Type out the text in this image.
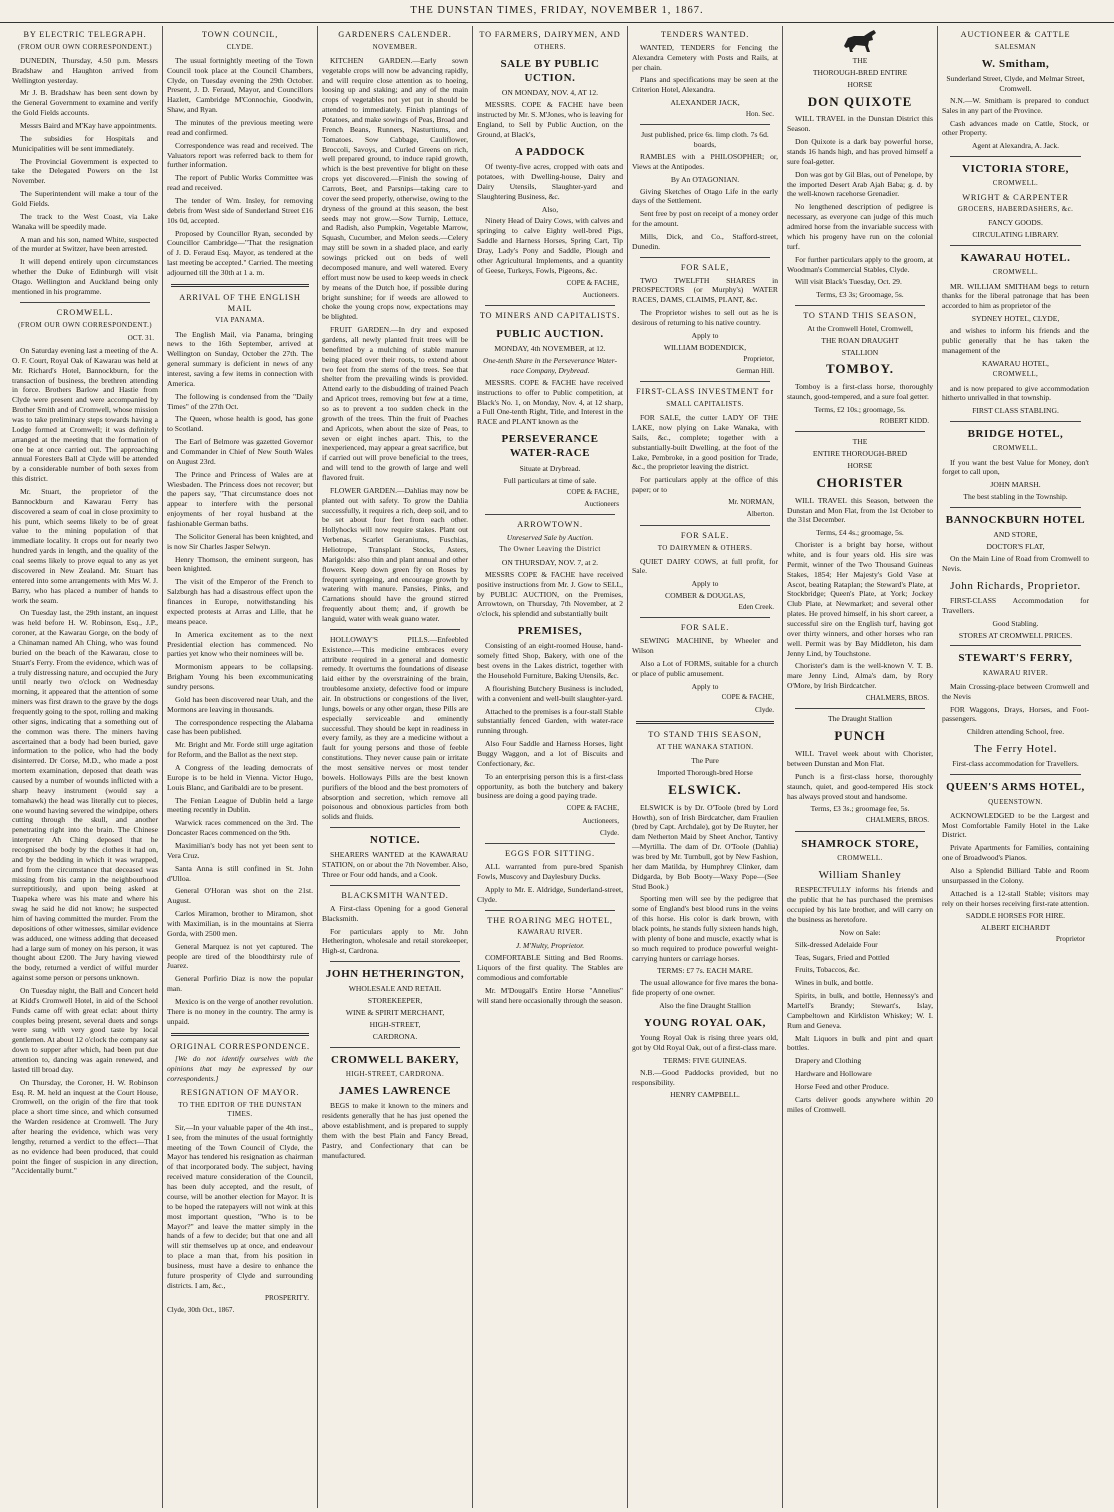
THE DUNSTAN TIMES, FRIDAY, NOVEMBER 1, 1867.
BY ELECTRIC TELEGRAPH.
(FROM OUR OWN CORRESPONDENT.)

DUNEDIN, Thursday, 4.50 p.m. Messrs Bradshaw and Haughton arrived from Wellington yesterday.

Mr J. B. Bradshaw has been sent down by the General Government to examine and verify the Gold Fields accounts.

Messrs Baird and M'Kay have appointments.

The subsidies for Hospitals and Municipalities will be sent immediately.

The Provincial Government is expected to take the Delegated Powers on the 1st November.

The Superintendent will make a tour of the Gold Fields.

The track to the West Coast, via Lake Wanaka will be speedily made.

A man and his son, named White, suspected of the murder at Switzer, have been arrested.

It will depend entirely upon circumstances whether the Duke of Edinburgh will visit Otago. Wellington and Auckland being only mentioned in his programme.

CROMWELL.
(FROM OUR OWN CORRESPONDENT.)
OCT. 31.

On Saturday evening last a meeting of the A. O. F. Court, Royal Oak of Kawarau was held at Mr. Richard's Hotel, Bannockburn, for the transaction of business, the brethren attending in force. Brothers Barlow and Hastie from Clyde were present and were accompanied by Brother Smith and of Cromwell, whose mission was to take preliminary steps towards having a Lodge formed at Cromwell; it was definitely arranged at the meeting that the formation of one be at once carried out. The approaching annual Foresters Ball at Clyde will be attended by a considerable number of both sexes from this district.

Mr. Stuart, the proprietor of the Bannockburn and Kawarau Ferry has discovered a seam of coal in close proximity to his punt, which seems likely to be of great value to the mining population of that immediate locality. It crops out for nearly two hundred yards in length, and the quality of the coal seems likely to prove equal to any as yet discovered in New Zealand. Mr. Stuart has entered into some arrangements with Mrs W. J. Barry, who has placed a number of hands to work the seam.

On Tuesday last, the 29th instant, an inquest was held before H. W. Robinson, Esq., J.P., coroner, at the Kawarau Gorge, on the body of a Chinaman named Ah Ching, who was found buried on the beach of the Kawarau, close to Stuart's Ferry. From the evidence, which was of a truly distressing nature, and occupied the Jury until nearly two o'clock on Wednesday morning, it appeared that the attention of some miners was first drawn to the grave by the dogs frequently going to the spot, rolling and making other signs, indicating that a something out of the common was there. The miners having ascertained that a body had been buried, gave information to the police, who had the body disinterred. Dr Corse, M.D., who made a post mortem examination, deposed that death was caused by a number of wounds inflicted with a sharp heavy instrument (would say a tomahawk) the head was literally cut to pieces, one wound having severed the windpipe, others cutting through the skull, and another penetrating right into the brain. The Chinese interpreter Ah Ching deposed that he recognised the body by the clothes it had on, and by the bedding in which it was wrapped, and from the circumstance that deceased was missing from his camp in the neighbourhood surreptitiously, and upon being asked at Tuapeka where was his mate and where his swag he said he did not know; he suspected him of having committed the murder. From the depositions of other witnesses, similar evidence was adduced, one witness adding that deceased had a large sum of money on his person, it was thought about £200. The Jury having viewed the body, returned a verdict of wilful murder against some person or persons unknown.

On Tuesday night, the Ball and Concert held at Kidd's Cromwell Hotel, in aid of the School Funds came off with great eclat: about thirty couples being present, several duets and songs were sung with very good taste by local gentlemen. At about 12 o'clock the company sat down to supper after which, had been put due attention to, dancing was again renewed, and lasted till broad day.

On Thursday, the Coroner, H. W. Robinson Esq. R. M. held an inquest at the Court House, Cromwell, on the origin of the fire that took place a short time since, and which consumed the Warden residence at Cromwell. The Jury after hearing the evidence, which was very lengthy, returned a verdict to the effect—That as no evidence had been produced, that could point the finger of suspicion in any direction, "Accidentally burnt."

TOWN COUNCIL,
CLYDE.

The usual fortnightly meeting of the Town Council took place at the Council Chambers, Clyde, on Tuesday evening the 29th October. Present, J. D. Feraud, Mayor, and Councillors Hazlett, Cambridge M'Connochie, Goodwin, Shaw, and Ryan.

The minutes of the previous meeting were read and confirmed.

Correspondence was read and received. The Valuators report was referred back to them for further information.

The report of Public Works Committee was read and received.

The tender of Wm. Insley, for removing debris from West side of Sunderland Street £16 10s 0d, accepted.

Proposed by Councillor Ryan, seconded by Councillor Cambridge—"That the resignation of J. D. Feraud Esq. Mayor, as tendered at the last meeting be accepted." Carried. The meeting adjourned till the 30th at 1 a. m.

ARRIVAL OF THE ENGLISH MAIL
VIA PANAMA.

The English Mail, via Panama, bringing news to the 16th September, arrived at Wellington on Sunday, October the 27th. The general summary is deficient in news of any interest, saving a few items in connection with America.

The following is condensed from the "Daily Times" of the 27th Oct.

The Queen, whose health is good, has gone to Scotland.

The Earl of Belmore was gazetted Governor and Commander in Chief of New South Wales on August 23rd.

The Prince and Princess of Wales are at Wiesbaden. The Princess does not recover; but the papers say, "That circumstance does not appear to interfere with the personal enjoyments of her royal husband at the fashionable German baths.

The Solicitor General has been knighted, and is now Sir Charles Jasper Selwyn.

Henry Thomson, the eminent surgeon, has been knighted.

The visit of the Emperor of the French to Salzburgh has had a disastrous effect upon the finances in Europe, notwithstanding his expected protests at Arras and Lille, that he means peace.

In America excitement as to the next Presidential election has commenced. No parties yet know who their nominees will be.

Mormonism appears to be collapsing. Brigham Young his been excommunicating sundry persons.

Gold has been discovered near Utah, and the Mormons are leaving in thousands.

The correspondence respecting the Alabama case has been published.

Mr. Bright and Mr. Forde still urge agitation for Reform, and the Ballot as the next step.

A Congress of the leading democrats of Europe is to be held in Vienna. Victor Hugo, Louis Blanc, and Garibaldi are to be present.

The Fenian League of Dublin held a large meeting recently in Dublin.

Warwick races commenced on the 3rd. The Doncaster Races commenced on the 9th.

Maximilian's body has not yet been sent to Vera Cruz.

Santa Anna is still confined in St. John d'Ulloa.

General O'Horan was shot on the 21st. August.

Carlos Miramon, brother to Miramon, shot with Maximilian, is in the mountains at Sierra Gorda, with 2500 men.

General Marquez is not yet captured. The people are tired of the bloodthirsty rule of Juarez.

General Porfirio Diaz is now the popular man.

Mexico is on the verge of another revolution. There is no money in the country. The army is unpaid.

ORIGINAL CORRESPONDENCE.

[We do not identify ourselves with the opinions that may be expressed by our correspondents.]

RESIGNATION OF MAYOR.
TO THE EDITOR OF THE DUNSTAN TIMES.

Sir,—In your valuable paper of the 4th inst., I see, from the minutes of the usual fortnightly meeting of the Town Council of Clyde, the Mayor has tendered his resignation as chairman of that incorporated body. The subject, having received mature consideration of the Council, has been duly accepted, and the result, of course, will be another election for Mayor. It is to be hoped the ratepayers will not wink at this most important question, "Who is to be Mayor?" and leave the matter simply in the hands of a few to decide; but that one and all will stir themselves up at once, and endeavour to place a man that, from his position in business, must have a desire to enhance the future prosperity of Clyde and surrounding districts. I am, &c.,

PROSPERITY.
Clyde, 30th Oct., 1867.
GARDENERS CALENDER.
NOVEMBER.

KITCHEN GARDEN.—Early sown vegetable crops will now be advancing rapidly, and will require close attention as to hoeing, loosing up and staking; and any of the main crops of vegetables not yet put in should be attended to immediately. Finish plantings of Potatoes, and make sowings of Peas, Broad and French Beans, Runners, Nasturtiums, and Tomatoes. Sow Cabbage, Cauliflower, Broccoli, Savoys, and Curled Greens on rich, well prepared ground, to induce rapid growth, which is the best preventive for blight on these crops yet discovered.—Finish the sowing of Carrots, Beet, and Parsnips—taking care to cover the seed properly, otherwise, owing to the dryness of the ground at this season, the best seeds may not grow.—Sow Turnip, Lettuce, and Radish, also Pumpkin, Vegetable Marrow, Squash, Cucumber, and Melon seeds.—Celery may still be sown in a shaded place, and early sowings pricked out on beds of well decomposed manure, and well watered. Every effort must now be used to keep weeds in check by means of the Dutch hoe, if possible during bright sunshine; for if weeds are allowed to choke the young crops now, expectations may be blighted.

FRUIT GARDEN.—In dry and exposed gardens, all newly planted fruit trees will be benefitted by a mulching of stable manure being placed over their roots, to extend about two feet from the stems of the trees. See that shelter from the prevailing winds is provided. Attend early to the disbudding of trained Peach and Apricot trees, removing but few at a time, so as to prevent a too sudden check in the growth of the trees. Thin the fruit of Peaches and Apricots, when about the size of Peas, to seven or eight inches apart. This, to the inexperienced, may appear a great sacrifice, but if carried out will prove beneficial to the trees, and will tend to the growth of large and well flavored fruit.

FLOWER GARDEN.—Dahlias may now be planted out with safety. To grow the Dahlia successfully, it requires a rich, deep soil, and to be set about four feet from each other. Hollyhocks will now require stakes. Plant out Verbenas, Scarlet Geraniums, Fuschias, Heliotrope, Transplant Stocks, Asters, Marigolds: also thin and plant annual and other flowers. Keep down green fly on Roses by frequent syringeing, and encourage growth by watering with manure. Pansies, Pinks, and Carnations should have the ground stirred frequently about them; and, if growth be languid, water with weak guano water.

HOLLOWAY'S PILLS.—Enfeebled Existence.—This medicine embraces every attribute required in a general and domestic remedy. It overturns the foundations of disease laid either by the overstraining of the brain, troublesome anxiety, defective food or impure air. In obstructions or congestions of the liver, lungs, bowels or any other organ, these Pills are especially serviceable and eminently successful. They should be kept in readiness in every family, as they are a medicine without a fault for young persons and those of feeble constitutions. They never cause pain or irritate the most sensitive nerves or most tender bowels. Holloways Pills are the best known purifiers of the blood and the best promoters of absorption and secretion, which remove all poisonous and obnoxious particles from both solids and fluids.

NOTICE.

SHEARERS WANTED at the KAWARAU STATION, on or about the 7th November. Also, Three or Four odd hands, and a Cook.

BLACKSMITH WANTED.

A First-class Opening for a good General Blacksmith.

For particulars apply to Mr. John Hetherington, wholesale and retail storekeeper, High-st, Cardrona.

JOHN HETHERINGTON,
WHOLESALE AND RETAIL
STOREKEEPER,
WINE & SPIRIT MERCHANT,
HIGH-STREET,
CARDRONA.
CROMWELL BAKERY,
HIGH-STREET, CARDRONA.
JAMES LAWRENCE

BEGS to make it known to the miners and residents generally that he has just opened the above establishment, and is prepared to supply them with the best Plain and Fancy Bread, Pastry, and Confectionary that can be manufactured.

TO FARMERS, DAIRYMEN, AND
OTHERS.
SALE BY PUBLIC UCTION.
ON MONDAY, NOV. 4, AT 12.

MESSRS. COPE & FACHE have been instructed by Mr. S. M'Jones, who is leaving for England, to Sell by Public Auction, on the Ground, at Black's,

A PADDOCK

Of twenty-five acres, cropped with oats and potatoes, with Dwelling-house, Dairy and Dairy Utensils, Slaughter-yard and Slaughtering Business, &c.

Also,

Ninety Head of Dairy Cows, with calves and springing to calve Eighty well-bred Pigs, Saddle and Harness Horses, Spring Cart, Tip Dray, Lady's Pony and Saddle, Plough and other Agricultural Implements, and a quantity of Geese, Turkeys, Fowls, Pigeons, &c.

COPE & FACHE,
Auctioneers.
TO MINERS AND CAPITALISTS.
PUBLIC AUCTION.
MONDAY, 4th NOVEMBER, at 12.
One-tenth Share in the Perseverance Water-race Company, Drybread.

MESSRS. COPE & FACHE have received instructions to offer to Public competition, at Black's No. 1, on Monday, Nov. 4, at 12 sharp, a Full One-tenth Right, Title, and Interest in the RACE and PLANT known as the

PERSEVERANCE WATER-RACE
Situate at Drybread.
Full particulars at time of sale.
COPE & FACHE,
Auctioneers
ARROWTOWN.
Unreserved Sale by Auction.
The Owner Leaving the District
ON THURSDAY, NOV. 7, at 2.

MESSRS COPE & FACHE have received positive instructions from Mr. J. Gow to SELL, by PUBLIC AUCTION, on the Premises, Arrowtown, on Thursday, 7th November, at 2 o'clock, his splendid and substantially built

PREMISES,

Consisting of an eight-roomed House, hand-somely fitted Shop, Bakery, with one of the best ovens in the Lakes district, together with the Household Furniture, Baking Utensils, &c.

A flourishing Butchery Business is included, with a convenient and well-built slaughter-yard.

Attached to the premises is a four-stall Stable substantially fenced Garden, with water-race running through.

Also Four Saddle and Harness Horses, light Buggy Waggon, and a lot of Biscuits and Confectionary, &c.

To an enterprising person this is a first-class opportunity, as both the butchery and bakery business are doing a good paying trade.

COPE & FACHE,
Auctioneers,
Clyde.
EGGS FOR SITTING.

ALL warranted from pure-bred Spanish Fowls, Muscovy and Daylesbury Ducks.

Apply to Mr. E. Aldridge, Sunderland-street, Clyde.

THE ROARING MEG HOTEL,
KAWARAU RIVER.
J. M'Nulty, Proprietor.

COMFORTABLE Sitting and Bed Rooms. Liquors of the first quality. The Stables are commodious and comfortable

Mr. M'Dougall's Entire Horse "Annelius" will stand here occasionally through the season.

TENDERS WANTED.

WANTED, TENDERS for Fencing the Alexandra Cemetery with Posts and Rails, at per chain.

Plans and specifications may be seen at the Criterion Hotel, Alexandra.

ALEXANDER JACK,
Hon. Sec.
Just published, price 6s. limp cloth. 7s 6d. boards,

RAMBLES with a PHILOSOPHER; or, Views at the Antipodes.

By An OTAGONIAN.

Giving Sketches of Otago Life in the early days of the Settlement.

Sent free by post on receipt of a money order for the amount.

Mills, Dick, and Co., Stafford-street, Dunedin.

FOR SALE,

TWO TWELFTH SHARES in PROSPECTORS (or Murphy's) WATER RACES, DAMS, CLAIMS, PLANT, &c.

The Proprietor wishes to sell out as he is desirous of returning to his native country.

Apply to
WILLIAM BODENDICK,
Proprietor,
German Hill.
FIRST-CLASS INVESTMENT for
SMALL CAPITALISTS.

FOR SALE, the cutter LADY OF THE LAKE, now plying on Lake Wanaka, with Sails, &c., complete; together with a substantially-built Dwelling, at the foot of the Lake, Pembroke, in a good position for Trade, &c., the proprietor leaving the district.

For particulars apply at the office of this paper; or to

Mr. NORMAN,
Alberton.
FOR SALE.
TO DAIRYMEN & OTHERS.

QUIET DAIRY COWS, at full profit, for Sale.

Apply to
COMBER & DOUGLAS,
Eden Creek.
FOR SALE.

SEWING MACHINE, by Wheeler and Wilson

Also a Lot of FORMS, suitable for a church or place of public amusement.

Apply to
COPE & FACHE,
Clyde.
TO STAND THIS SEASON,
AT THE WANAKA STATION.
The Pure
Imported Thorough-bred Horse
ELSWICK.

ELSWICK is by Dr. O'Toole (bred by Lord Howth), son of Irish Birdcatcher, dam Fraulien (bred by Capt. Archdale), got by De Ruyter, her dam Netherton Maid by Sheet Anchor, Tantivy—Myrtilla. The dam of Dr. O'Toole (Dahlia) was bred by Mr. Turnbull, got by New Fashion, her dam Matilda, by Humphrey Clinker, dam Didgarda, by Bob Booty—Waxy Pope—(See Stud Book.)

Sporting men will see by the pedigree that some of England's best blood runs in the veins of this horse. His color is dark brown, with black points, he stands fully sixteen hands high, with plenty of bone and muscle, exactly what is so much required to produce powerful weight-carrying hunters or carriage horses.

TERMS: £7 7s. EACH MARE.

The usual allowance for five mares the bona-fide property of one owner.

Also the fine Draught Stallion
YOUNG ROYAL OAK,

Young Royal Oak is rising three years old, got by Old Royal Oak, out of a first-class mare.

TERMS: FIVE GUINEAS.

N.B.—Good Paddocks provided, but no responsibility.

HENRY CAMPBELL.
THE
THOROUGH-BRED ENTIRE
HORSE
DON QUIXOTE

WILL TRAVEL in the Dunstan District this Season.

Don Quixote is a dark bay powerful horse, stands 16 hands high, and has proved himself a sure foal-getter.

Don was got by Gil Blas, out of Penelope, by the imported Desert Arab Ajah Baba; g. d. by the well-known racehorse Grenadier.

No lengthened description of pedigree is necessary, as everyone can judge of this much admired horse from the invariable success with which his progeny have run on the colonial turf.

For further particulars apply to the groom, at Woodman's Commercial Stables, Clyde.

Will visit Black's Tuesday, Oct. 29.

Terms, £3 3s; Groomage, 5s.
TO STAND THIS SEASON,
At the Cromwell Hotel, Cromwell,
THE ROAN DRAUGHT
STALLION
TOMBOY.

Tomboy is a first-class horse, thoroughly staunch, good-tempered, and a sure foal getter.

Terms, £2 10s.; groomage, 5s.
ROBERT KIDD.
THE
ENTIRE THOROUGH-BRED
HORSE
CHORISTER

WILL TRAVEL this Season, between the Dunstan and Mon Flat, from the 1st October to the 31st December.

Terms, £4 4s.; groomage, 5s.

Chorister is a bright bay horse, without white, and is four years old. His sire was Permit, winner of the Two Thousand Guineas Stakes, 1854; Her Majesty's Gold Vase at Ascot, beating Rataplan; the Steward's Plate, at Stockbridge; Queen's Plate, at York; Jockey Club Plate, at Newmarket; and several other plates. He proved himself, in his short career, a successful sire on the English turf, having got over thirty winners, and other horses who ran well. Permit was by Bay Middleton, his dam Jenny Lind, by Touchstone.

Chorister's dam is the well-known V. T. B. mare Jenny Lind, Alma's dam, by Rory O'More, by Irish Birdcatcher.

CHALMERS, BROS.
The Draught Stallion
PUNCH

WILL Travel week about with Chorister, between Dunstan and Mon Flat.

Punch is a first-class horse, thoroughly staunch, quiet, and good-tempered His stock has always proved stout and handsome.

Terms, £3 3s.; groomage fee, 5s.
CHALMERS, BROS.
SHAMROCK STORE,
CROMWELL.
William Shanley

RESPECTFULLY informs his friends and the public that he has purchased the premises occupied by his late brother, and will carry on the business as heretofore.

Now on Sale:

Silk-dressed Adelaide Four

Teas, Sugars, Fried and Pottled

Fruits, Tobaccos, &c.

Wines in bulk, and bottle.

Spirits, in bulk, and bottle, Hennessy's and Martell's Brandy; Stewart's, Islay, Campbeltown and Kirkliston Whiskey; W. I. Rum and Geneva.

Malt Liquors in bulk and pint and quart bottles.

Drapery and Clothing

Hardware and Holloware

Horse Feed and other Produce.

Carts deliver goods anywhere within 20 miles of Cromwell.

AUCTIONEER & CATTLE
SALESMAN
W. Smitham,
Sunderland Street, Clyde, and Melmar Street, Cromwell.

N.N.—W. Smitham is prepared to conduct Sales in any part of the Province.

Cash advances made on Cattle, Stock, or other Property.

Agent at Alexandra, A. Jack.
VICTORIA STORE,
CROMWELL.
WRIGHT & CARPENTER
GROCERS, HABERDASHERS, &c.
FANCY GOODS.
CIRCULATING LIBRARY.
KAWARAU HOTEL.
CROMWELL.

MR. WILLIAM SMITHAM begs to return thanks for the liberal patronage that has been accorded to him as proprietor of the

SYDNEY HOTEL, CLYDE,

and wishes to inform his friends and the public generally that he has taken the management of the

KAWARAU HOTEL,
CROMWELL,

and is now prepared to give accommodation hitherto unrivalled in that township.

FIRST CLASS STABLING.
BRIDGE HOTEL,
CROMWELL.

If you want the best Value for Money, don't forget to call upon,

JOHN MARSH.
The best stabling in the Township.
BANNOCKBURN HOTEL
AND STORE,
DOCTOR'S FLAT,

On the Main Line of Road from Cromwell to Nevis.

John Richards, Proprietor.

FIRST-CLASS Accommodation for Travellers.

Good Stabling.
STORES AT CROMWELL PRICES.
STEWART'S FERRY,
KAWARAU RIVER.

Main Crossing-place between Cromwell and the Nevis

FOR Waggons, Drays, Horses, and Foot-passengers.

Children attending School, free.
The Ferry Hotel.
First-class accommodation for Travellers.
QUEEN'S ARMS HOTEL,
QUEENSTOWN.

ACKNOWLEDGED to be the Largest and Most Comfortable Family Hotel in the Lake District.

Private Apartments for Families, containing one of Broadwood's Pianos.

Also a Splendid Billiard Table and Room unsurpassed in the Colony.

Attached is a 12-stall Stable; visitors may rely on their horses receiving first-rate attention.

SADDLE HORSES FOR HIRE.
ALBERT EICHARDT
Proprietor
